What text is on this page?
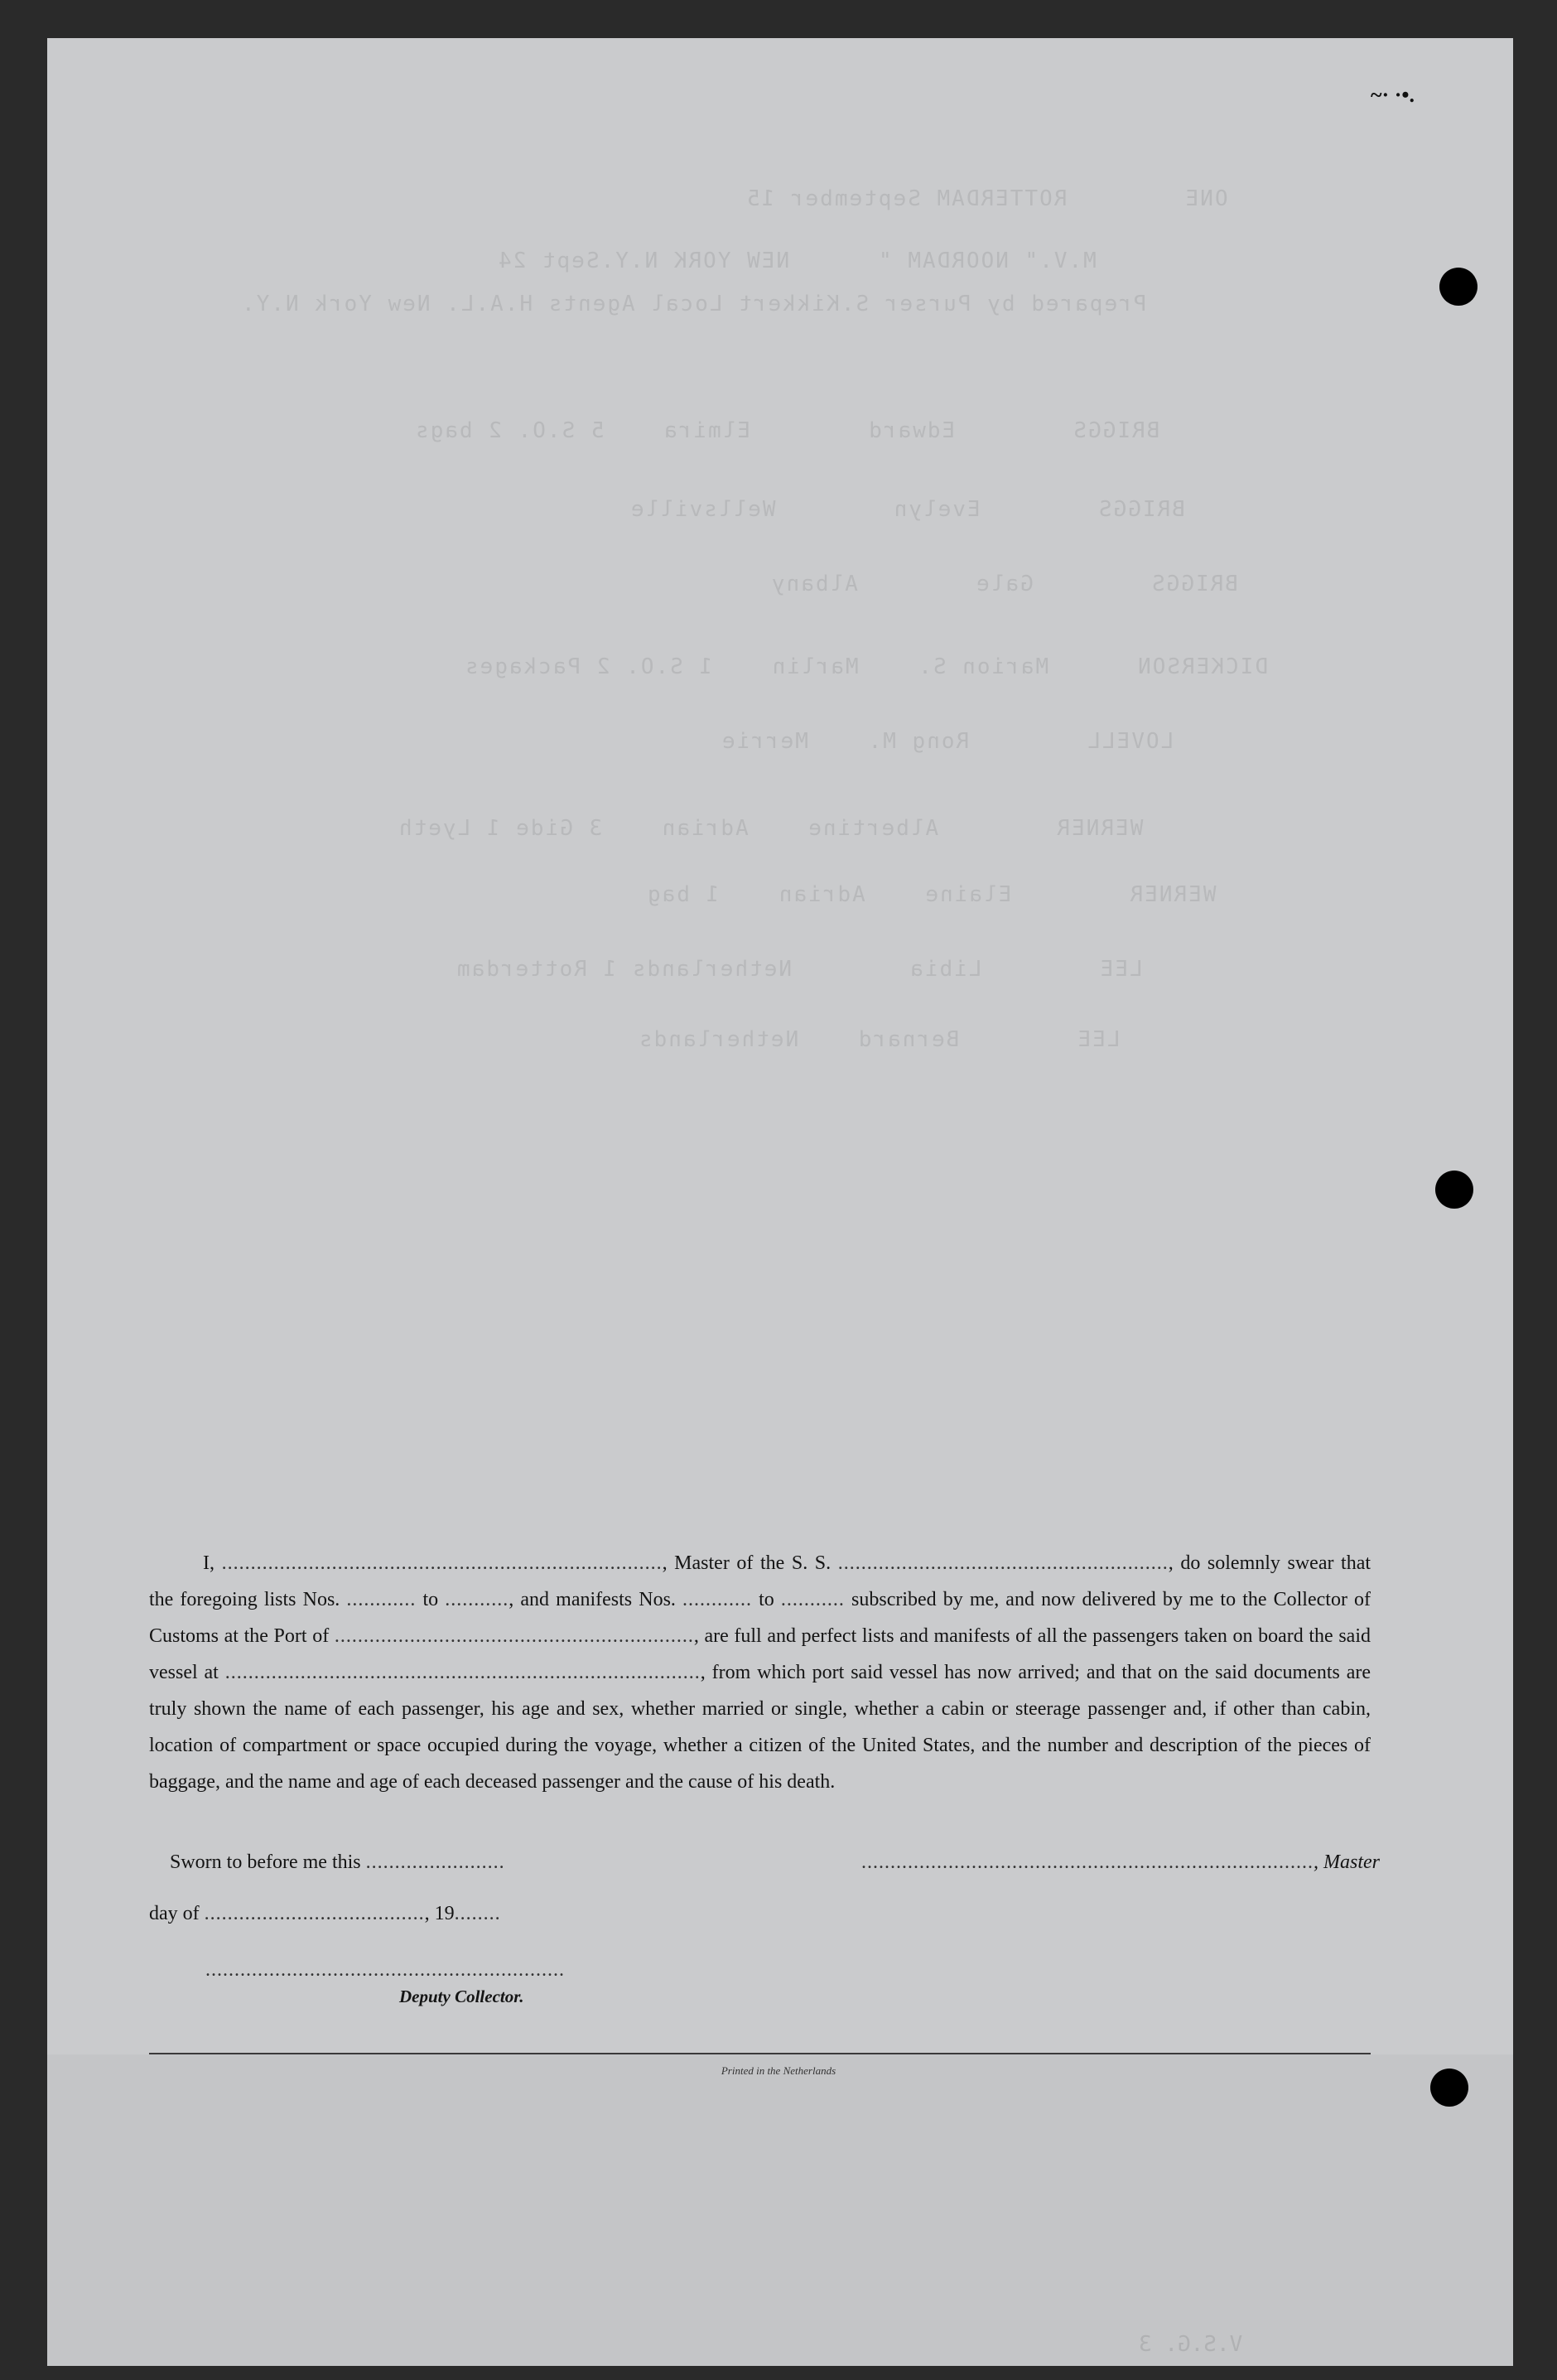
ONE        ROTTERDAM September 15
M.V." NOORDAM "      NEW YORK N.Y.Sept 24
Prepared by Purser S.Kikkert Local Agents H.A.L. New York N.Y.
BRIGGS        Edward        Elmira    5 S.O. 2 bags
BRIGGS        Evelyn        Wellsville
BRIGGS        Gale        Albany
DICKERSON      Marion S.    Marlin    1 S.O. 2 Packages
LOVELL        Rong M.    Merrie
WERNER        Albertine    Adrian    3 Gide 1 Lyeth
WERNER        Elaine    Adrian    1 bag
LEE        Libia        Netherlands 1 Rotterdam
LEE        Bernard    Netherlands
~· ·•.

I, ............................................................................, Master of the S. S. ........................................................., do solemnly swear that the foregoing lists Nos. ............ to ..........., and manifests Nos. ............ to ........... subscribed by me, and now delivered by me to the Collector of Customs at the Port of .............................................................., are full and perfect lists and manifests of all the passengers taken on board the said vessel at .................................................................................., from which port said vessel has now arrived; and that on the said documents are truly shown the name of each passenger, his age and sex, whether married or single, whether a cabin or steerage passenger and, if other than cabin, location of compartment or space occupied during the voyage, whether a citizen of the United States, and the number and description of the pieces of baggage, and the name and age of each deceased passenger and the cause of his death.

Sworn to before me this ........................	.............................................................................., Master
day of ......................................, 19........
..............................................................
Deputy Collector.
Printed in the Netherlands
V.S.G. 3
